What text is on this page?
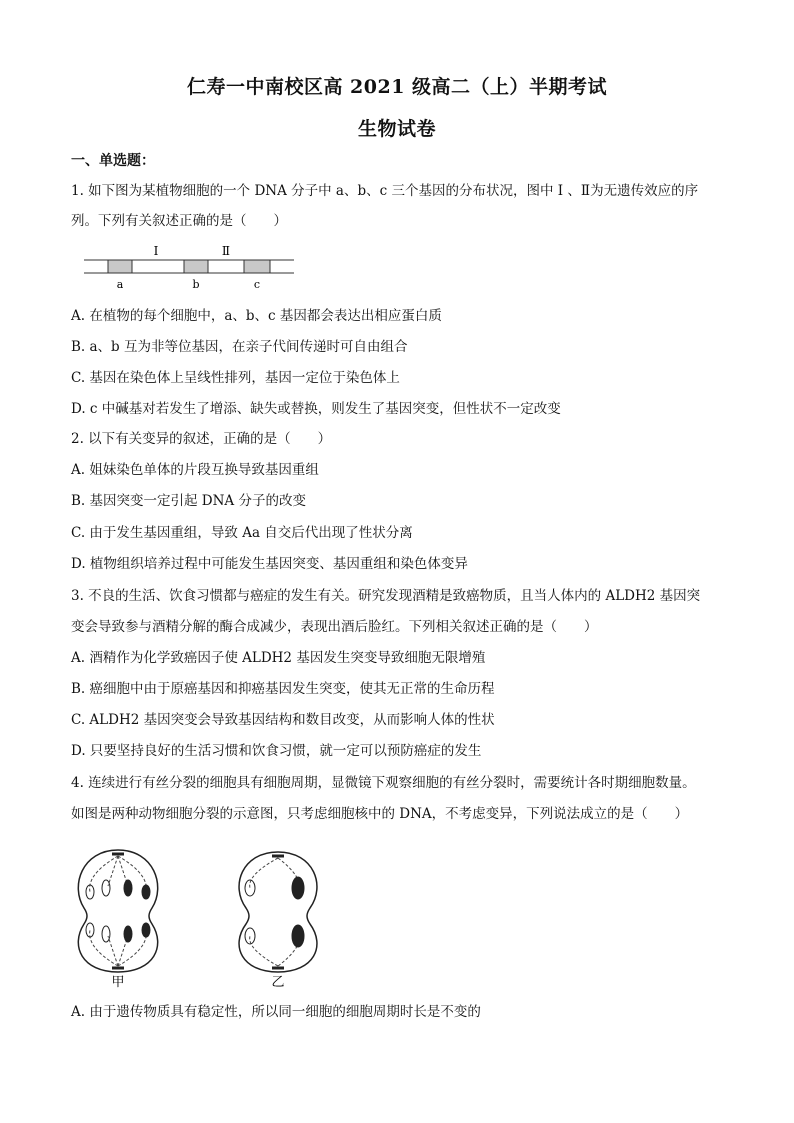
仁寿一中南校区高 2021 级高二（上）半期考试
生物试卷
一、单选题：
1. 如下图为某植物细胞的一个 DNA 分子中 a、b、c 三个基因的分布状况，图中 Ⅰ 、Ⅱ为无遗传效应的序
列。下列有关叙述正确的是（　　）
Ⅰ	Ⅱ
a	b	c
A. 在植物的每个细胞中，a、b、c 基因都会表达出相应蛋白质
B. a、b 互为非等位基因，在亲子代间传递时可自由组合
C. 基因在染色体上呈线性排列，基因一定位于染色体上
D. c 中碱基对若发生了增添、缺失或替换，则发生了基因突变，但性状不一定改变
2. 以下有关变异的叙述，正确的是（　　）
A. 姐妹染色单体的片段互换导致基因重组
B. 基因突变一定引起 DNA 分子的改变
C. 由于发生基因重组，导致 Aa 自交后代出现了性状分离
D. 植物组织培养过程中可能发生基因突变、基因重组和染色体变异
3. 不良的生活、饮食习惯都与癌症的发生有关。研究发现酒精是致癌物质，且当人体内的 ALDH2 基因突
变会导致参与酒精分解的酶合成减少，表现出酒后脸红。下列相关叙述正确的是（　　）
A. 酒精作为化学致癌因子使 ALDH2 基因发生突变导致细胞无限增殖
B. 癌细胞中由于原癌基因和抑癌基因发生突变，使其无正常的生命历程
C. ALDH2 基因突变会导致基因结构和数目改变，从而影响人体的性状
D. 只要坚持良好的生活习惯和饮食习惯，就一定可以预防癌症的发生
4. 连续进行有丝分裂的细胞具有细胞周期，显微镜下观察细胞的有丝分裂时，需要统计各时期细胞数量。
如图是两种动物细胞分裂的示意图，只考虑细胞核中的 DNA，不考虑变异，下列说法成立的是（　　）
甲	乙
A. 由于遗传物质具有稳定性，所以同一细胞的细胞周期时长是不变的
